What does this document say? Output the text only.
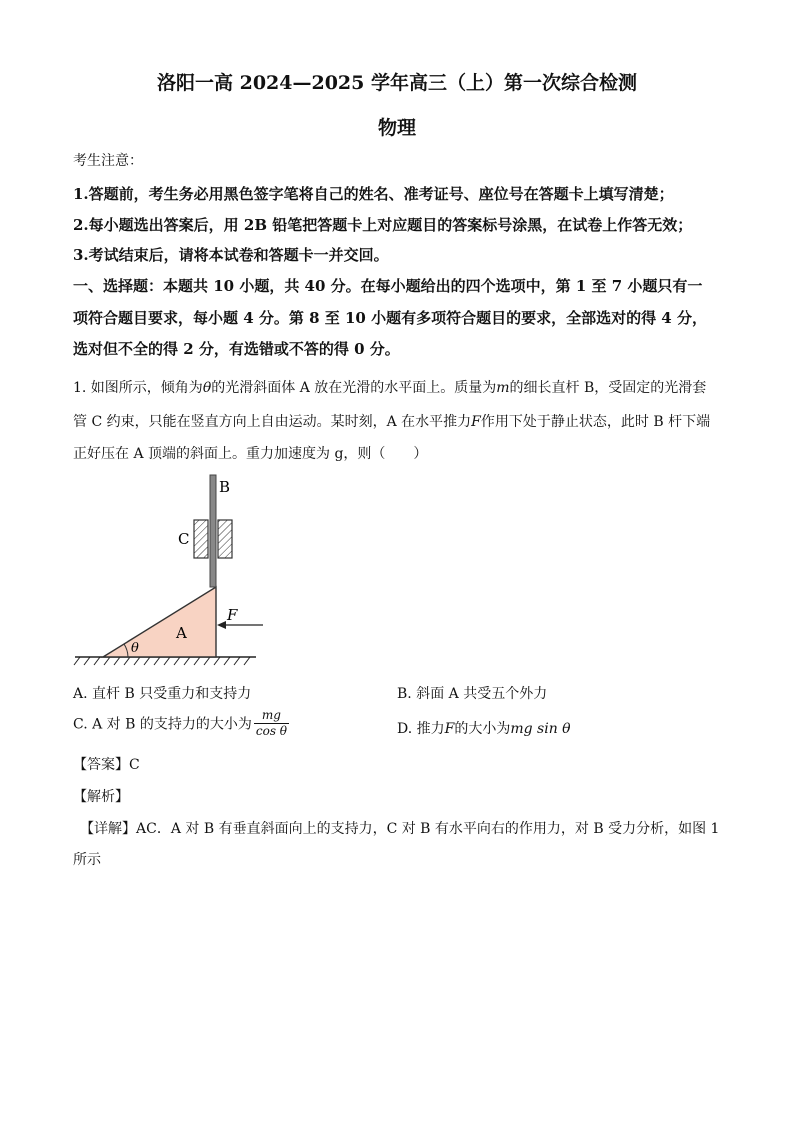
洛阳一高 2024—2025 学年高三（上）第一次综合检测
物理
考生注意：
1.答题前，考生务必用黑色签字笔将自己的姓名、准考证号、座位号在答题卡上填写清楚；
2.每小题选出答案后，用 2B 铅笔把答题卡上对应题目的答案标号涂黑，在试卷上作答无效；
3.考试结束后，请将本试卷和答题卡一并交回。
一、选择题：本题共 10 小题，共 40 分。在每小题给出的四个选项中，第 1 至 7 小题只有一
项符合题目要求，每小题 4 分。第 8 至 10 小题有多项符合题目的要求，全部选对的得 4 分，
选对但不全的得 2 分，有选错或不答的得 0 分。
1. 如图所示，倾角为θ的光滑斜面体 A 放在光滑的水平面上。质量为m的细长直杆 B，受固定的光滑套
管 C 约束，只能在竖直方向上自由运动。某时刻，A 在水平推力F作用下处于静止状态，此时 B 杆下端
正好压在 A 顶端的斜面上。重力加速度为 g，则（　　）
B
C
A
F
θ
A. 直杆 B 只受重力和支持力	B. 斜面 A 共受五个外力
C. A 对 B 的支持力的大小为 $\frac{mg}{\text{cos θ}}$	D. 推力F的大小为mg sin θ
【答案】C
【解析】
【详解】AC．A 对 B 有垂直斜面向上的支持力，C 对 B 有水平向右的作用力，对 B 受力分析，如图 1
所示
